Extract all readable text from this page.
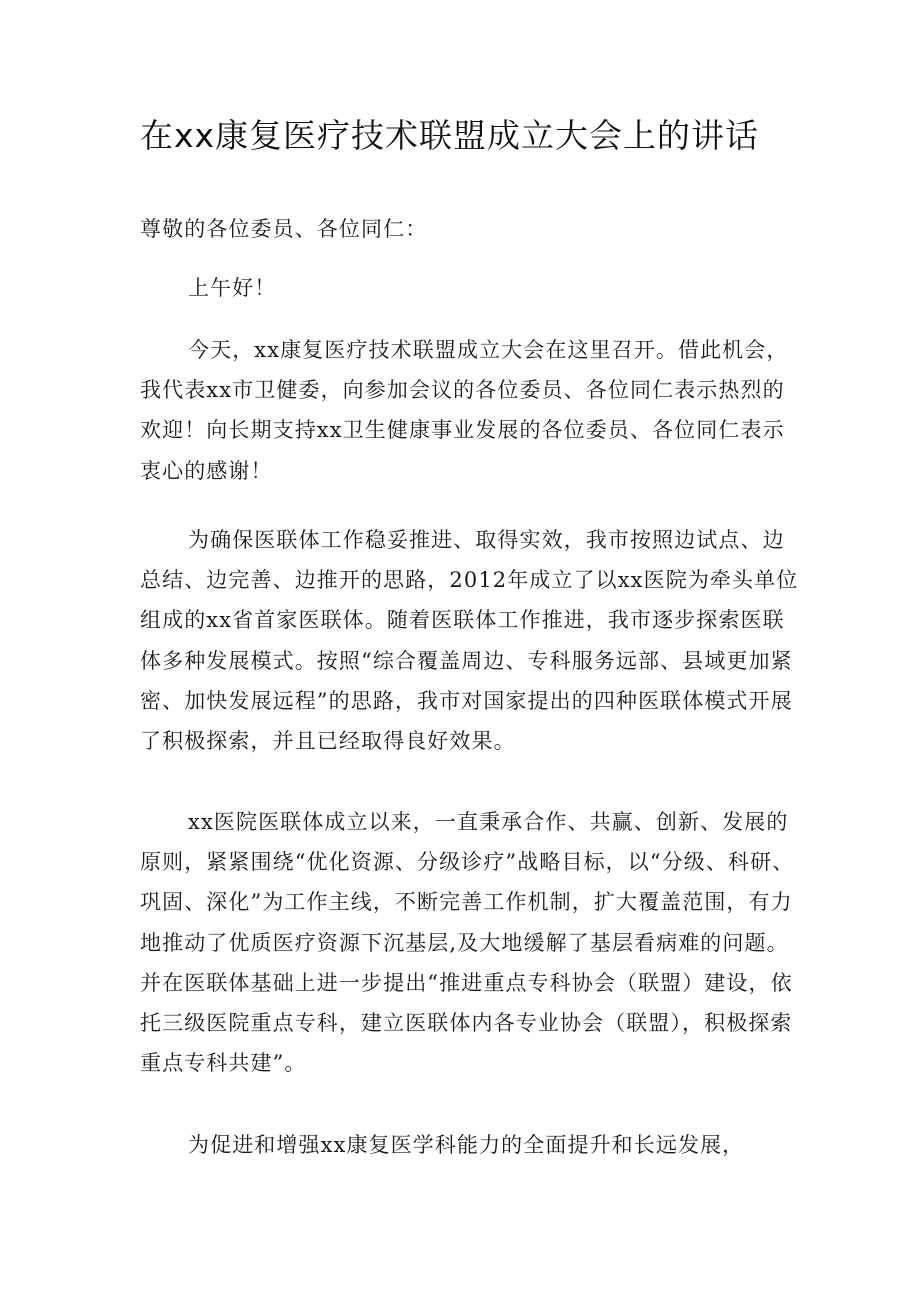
在xx康复医疗技术联盟成立大会上的讲话

尊敬的各位委员、各位同仁：

上午好！

今天，xx康复医疗技术联盟成立大会在这里召开。借此机会，我代表xx市卫健委，向参加会议的各位委员、各位同仁表示热烈的欢迎！向长期支持xx卫生健康事业发展的各位委员、各位同仁表示衷心的感谢！

为确保医联体工作稳妥推进、取得实效，我市按照边试点、边总结、边完善、边推开的思路，2012年成立了以xx医院为牵头单位组成的xx省首家医联体。随着医联体工作推进，我市逐步探索医联体多种发展模式。按照“综合覆盖周边、专科服务远部、县域更加紧密、加快发展远程”的思路，我市对国家提出的四种医联体模式开展了积极探索，并且已经取得良好效果。

xx医院医联体成立以来，一直秉承合作、共赢、创新、发展的原则，紧紧围绕“优化资源、分级诊疗”战略目标，以“分级、科研、巩固、深化”为工作主线，不断完善工作机制，扩大覆盖范围，有力地推动了优质医疗资源下沉基层,及大地缓解了基层看病难的问题。并在医联体基础上进一步提出“推进重点专科协会（联盟）建设，依托三级医院重点专科，建立医联体内各专业协会（联盟），积极探索重点专科共建”。

为促进和增强xx康复医学科能力的全面提升和长远发展，
